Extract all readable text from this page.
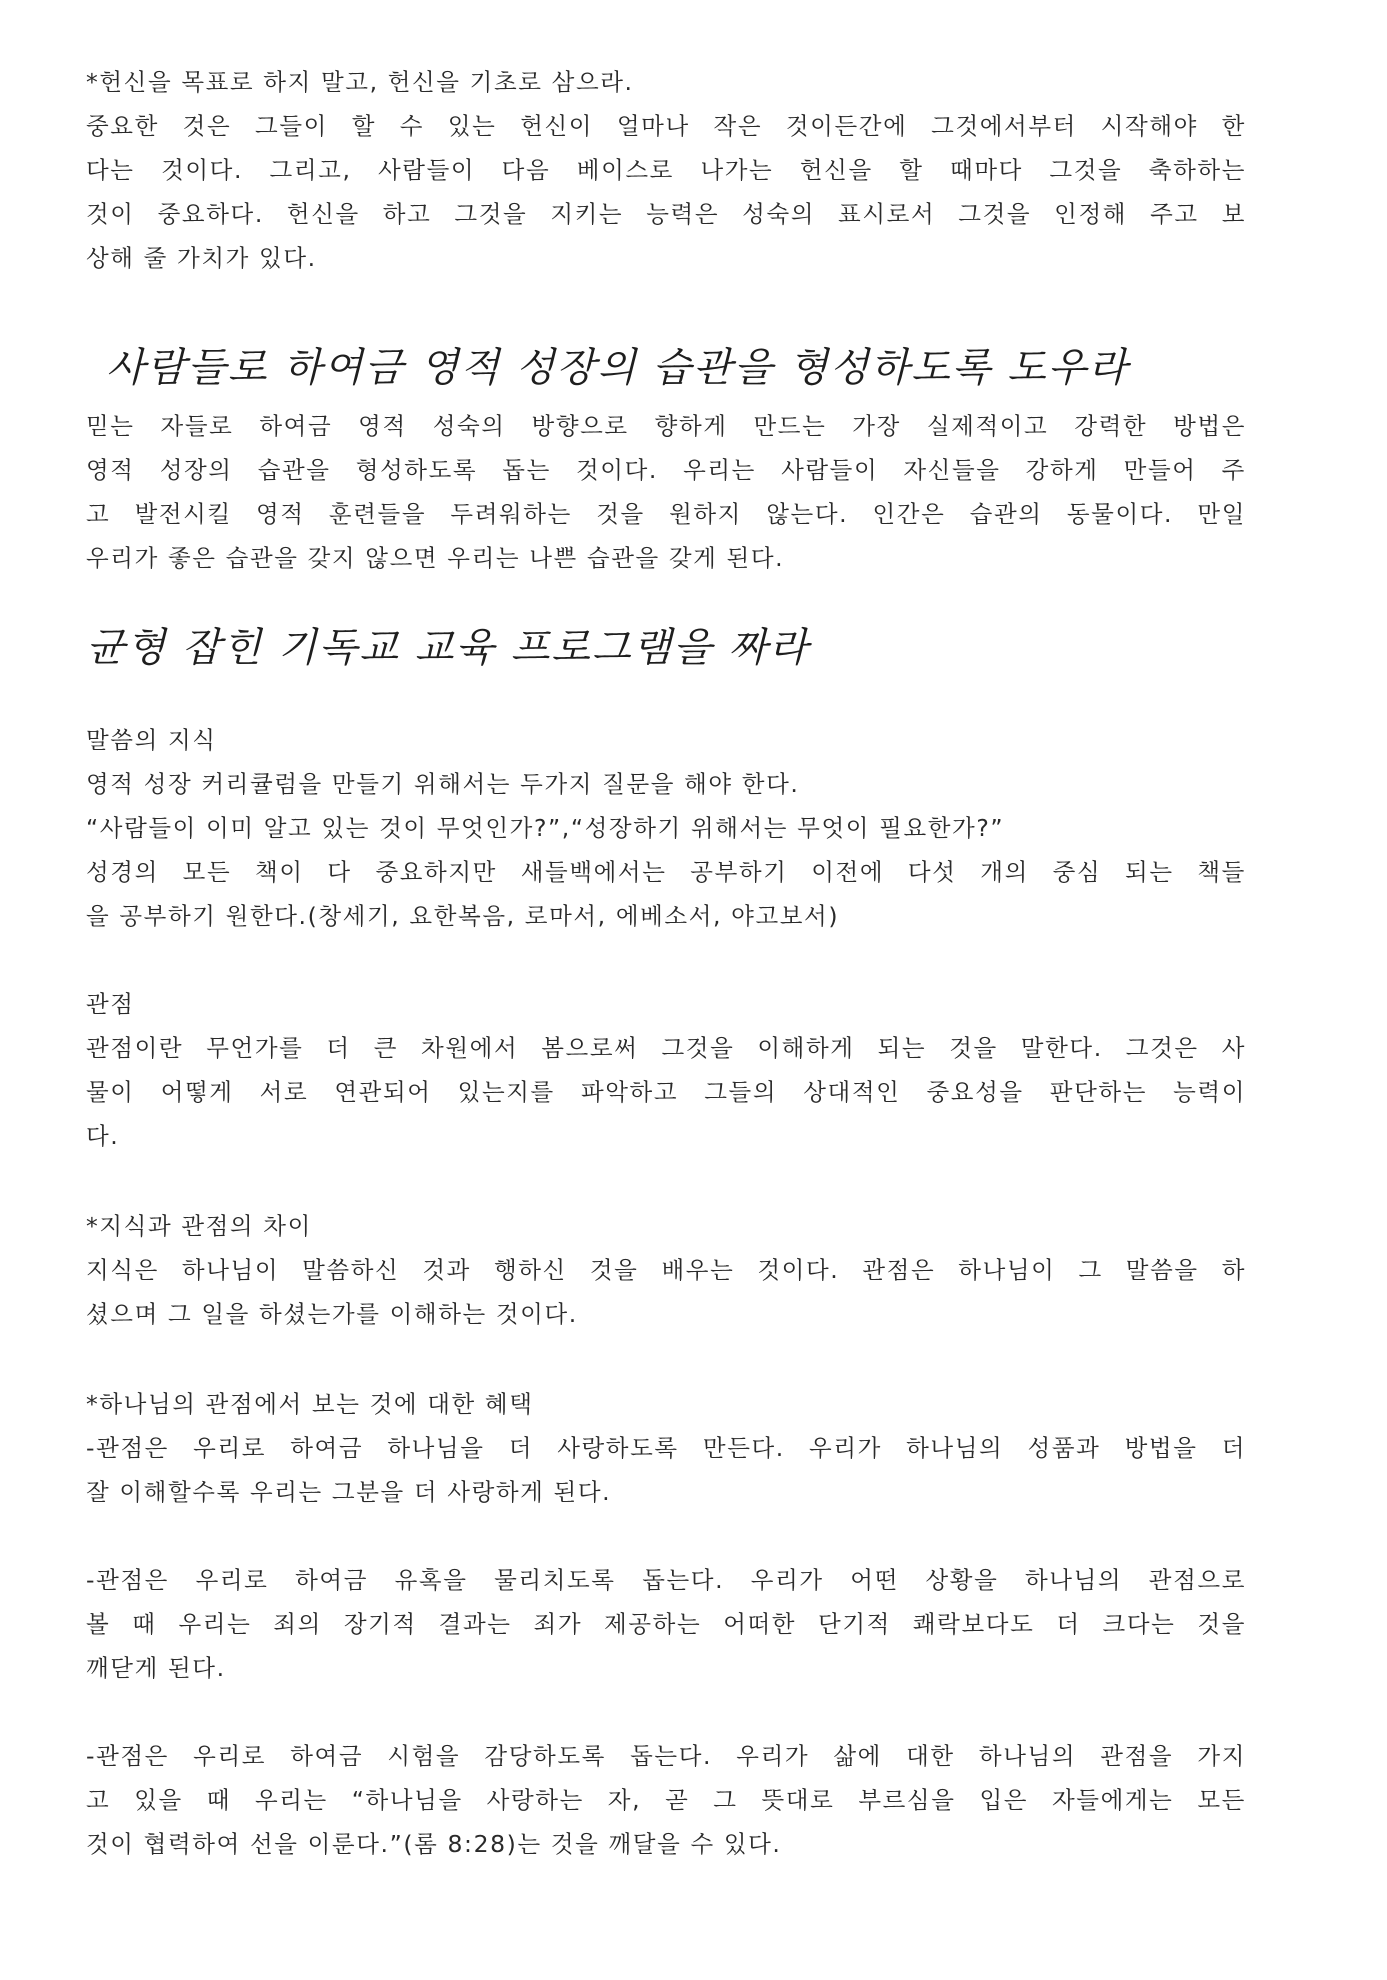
*헌신을 목표로 하지 말고, 헌신을 기초로 삼으라.
중요한 것은 그들이 할 수 있는 헌신이 얼마나 작은 것이든간에 그것에서부터 시작해야 한
다는 것이다. 그리고, 사람들이 다음 베이스로 나가는 헌신을 할 때마다 그것을 축하하는
것이 중요하다. 헌신을 하고 그것을 지키는 능력은 성숙의 표시로서 그것을 인정해 주고 보
상해 줄 가치가 있다.
사람들로 하여금 영적 성장의 습관을 형성하도록 도우라
믿는 자들로 하여금 영적 성숙의 방향으로 향하게 만드는 가장 실제적이고 강력한 방법은
영적 성장의 습관을 형성하도록 돕는 것이다. 우리는 사람들이 자신들을 강하게 만들어 주
고 발전시킬 영적 훈련들을 두려워하는 것을 원하지 않는다. 인간은 습관의 동물이다. 만일
우리가 좋은 습관을 갖지 않으면 우리는 나쁜 습관을 갖게 된다.
균형 잡힌 기독교 교육 프로그램을 짜라
말씀의 지식
영적 성장 커리큘럼을 만들기 위해서는 두가지 질문을 해야 한다.
“사람들이 이미 알고 있는 것이 무엇인가?”,“성장하기 위해서는 무엇이 필요한가?”
성경의 모든 책이 다 중요하지만 새들백에서는 공부하기 이전에 다섯 개의 중심 되는 책들
을 공부하기 원한다.(창세기, 요한복음, 로마서, 에베소서, 야고보서)
관점
관점이란 무언가를 더 큰 차원에서 봄으로써 그것을 이해하게 되는 것을 말한다. 그것은 사
물이 어떻게 서로 연관되어 있는지를 파악하고 그들의 상대적인 중요성을 판단하는 능력이
다.
*지식과 관점의 차이
지식은 하나님이 말씀하신 것과 행하신 것을 배우는 것이다. 관점은 하나님이 그 말씀을 하
셨으며 그 일을 하셨는가를 이해하는 것이다.
*하나님의 관점에서 보는 것에 대한 혜택
-관점은 우리로 하여금 하나님을 더 사랑하도록 만든다. 우리가 하나님의 성품과 방법을 더
잘 이해할수록 우리는 그분을 더 사랑하게 된다.
-관점은 우리로 하여금 유혹을 물리치도록 돕는다. 우리가 어떤 상황을 하나님의 관점으로
볼 때 우리는 죄의 장기적 결과는 죄가 제공하는 어떠한 단기적 쾌락보다도 더 크다는 것을
깨닫게 된다.
-관점은 우리로 하여금 시험을 감당하도록 돕는다. 우리가 삶에 대한 하나님의 관점을 가지
고 있을 때 우리는 “하나님을 사랑하는 자, 곧 그 뜻대로 부르심을 입은 자들에게는 모든
것이 협력하여 선을 이룬다.”(롬 8:28)는 것을 깨달을 수 있다.
